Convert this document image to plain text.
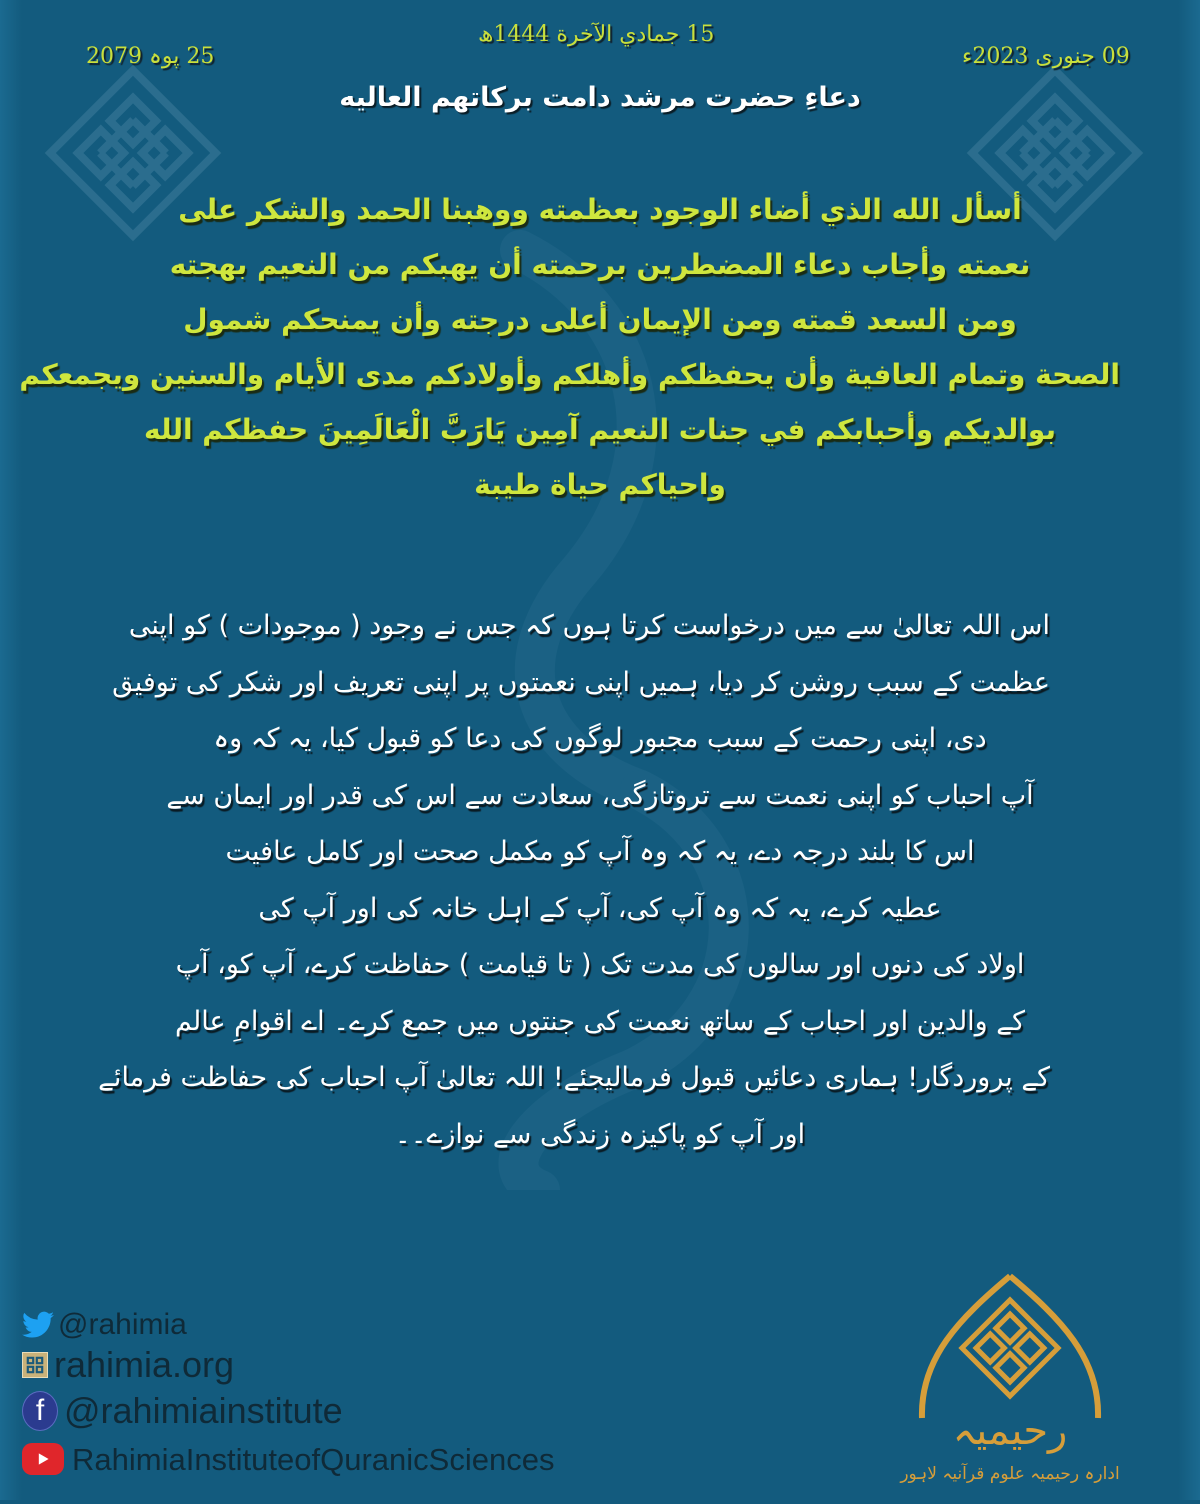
25 پوہ 2079
15 جمادي الآخرة 1444ھ
09 جنوری 2023ء
دعاءِ حضرت مرشد دامت برکاتهم العاليه
أسأل الله الذي أضاء الوجود بعظمته ووهبنا الحمد والشكر على
نعمته وأجاب دعاء المضطرين برحمته أن يهبكم من النعيم بهجته
ومن السعد قمته ومن الإيمان أعلى درجته وأن يمنحكم شمول
الصحة وتمام العافية وأن يحفظكم وأهلكم وأولادكم مدى الأيام والسنين ويجمعكم
بوالديكم وأحبابكم في جنات النعيم آمِين يَارَبَّ الْعَالَمِينَ حفظكم الله
واحياكم حياة طيبة
اس اللہ تعالیٰ سے میں درخواست کرتا ہوں کہ جس نے وجود ( موجودات ) کو اپنی
عظمت کے سبب روشن کر دیا، ہمیں اپنی نعمتوں پر اپنی تعریف اور شکر کی توفیق
دی، اپنی رحمت کے سبب مجبور لوگوں کی دعا کو قبول کیا، یہ کہ وہ
آپ احباب کو اپنی نعمت سے تروتازگی، سعادت سے اس کی قدر اور ایمان سے
اس کا بلند درجہ دے، یہ کہ وہ آپ کو مکمل صحت اور کامل عافیت
عطیہ کرے، یہ کہ وہ آپ کی، آپ کے اہل خانہ کی اور آپ کی
اولاد کی دنوں اور سالوں کی مدت تک ( تا قیامت ) حفاظت کرے، آپ کو، آپ
کے والدین اور احباب کے ساتھ نعمت کی جنتوں میں جمع کرے۔ اے اقوامِ عالم
کے پروردگار! ہماری دعائیں قبول فرمالیجئے! اللہ تعالیٰ آپ احباب کی حفاظت فرمائے
اور آپ کو پاکیزہ زندگی سے نوازے۔۔
@rahimia
rahimia.org
f @rahimiainstitute
RahimiaInstituteofQuranicSciences
رحیمیہ
ادارہ رحیمیہ علوم قرآنیہ لاہور
